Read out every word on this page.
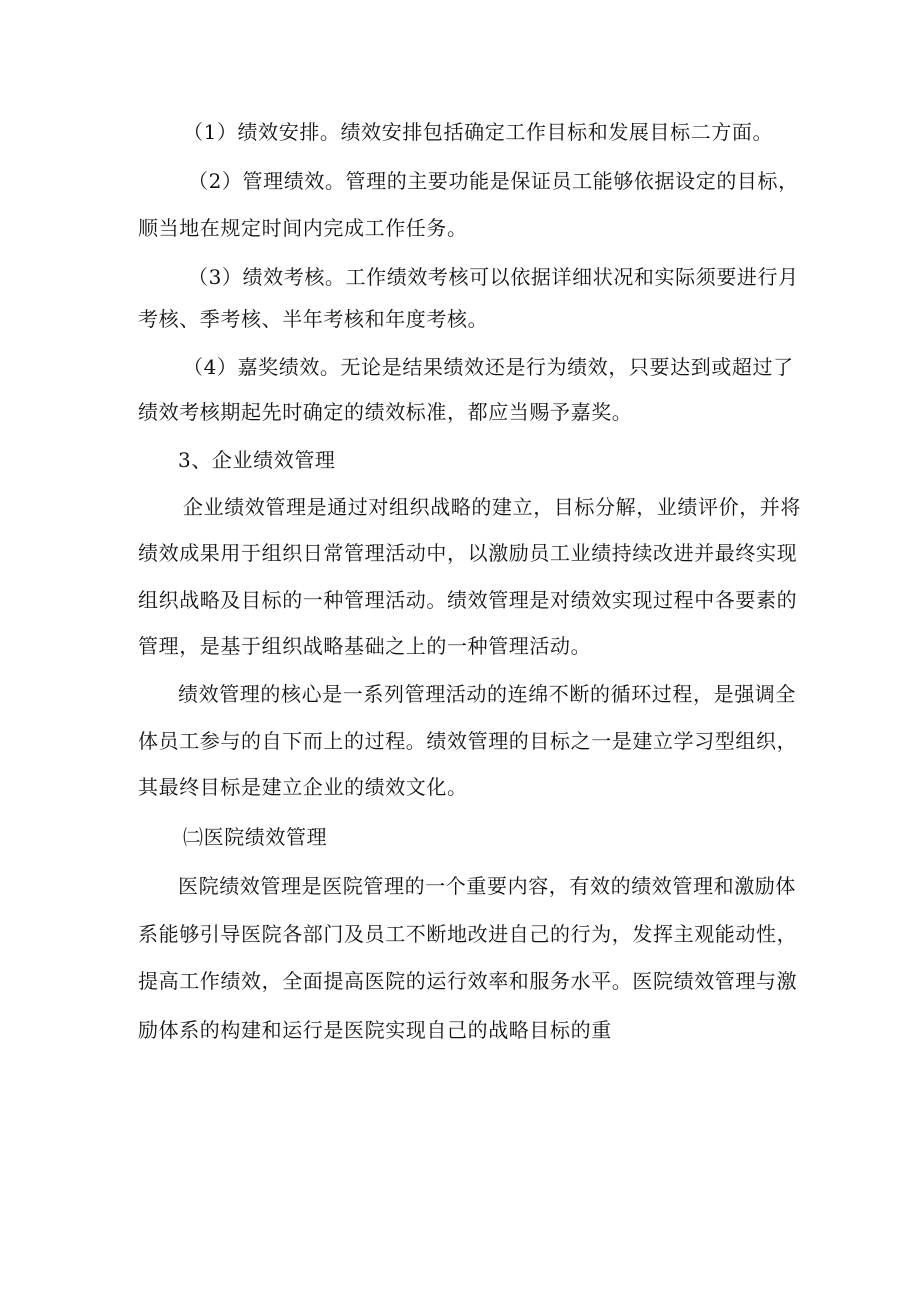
（1）绩效安排。绩效安排包括确定工作目标和发展目标二方面。
（2）管理绩效。管理的主要功能是保证员工能够依据设定的目标，
顺当地在规定时间内完成工作任务。
（3）绩效考核。工作绩效考核可以依据详细状况和实际须要进行月
考核、季考核、半年考核和年度考核。
（4）嘉奖绩效。无论是结果绩效还是行为绩效，只要达到或超过了
绩效考核期起先时确定的绩效标准，都应当赐予嘉奖。
3、企业绩效管理
企业绩效管理是通过对组织战略的建立，目标分解，业绩评价，并将
绩效成果用于组织日常管理活动中，以激励员工业绩持续改进并最终实现
组织战略及目标的一种管理活动。绩效管理是对绩效实现过程中各要素的
管理，是基于组织战略基础之上的一种管理活动。
绩效管理的核心是一系列管理活动的连绵不断的循环过程，是强调全
体员工参与的自下而上的过程。绩效管理的目标之一是建立学习型组织，
其最终目标是建立企业的绩效文化。
㈡医院绩效管理
医院绩效管理是医院管理的一个重要内容，有效的绩效管理和激励体
系能够引导医院各部门及员工不断地改进自己的行为，发挥主观能动性，
提高工作绩效，全面提高医院的运行效率和服务水平。医院绩效管理与激
励体系的构建和运行是医院实现自己的战略目标的重
